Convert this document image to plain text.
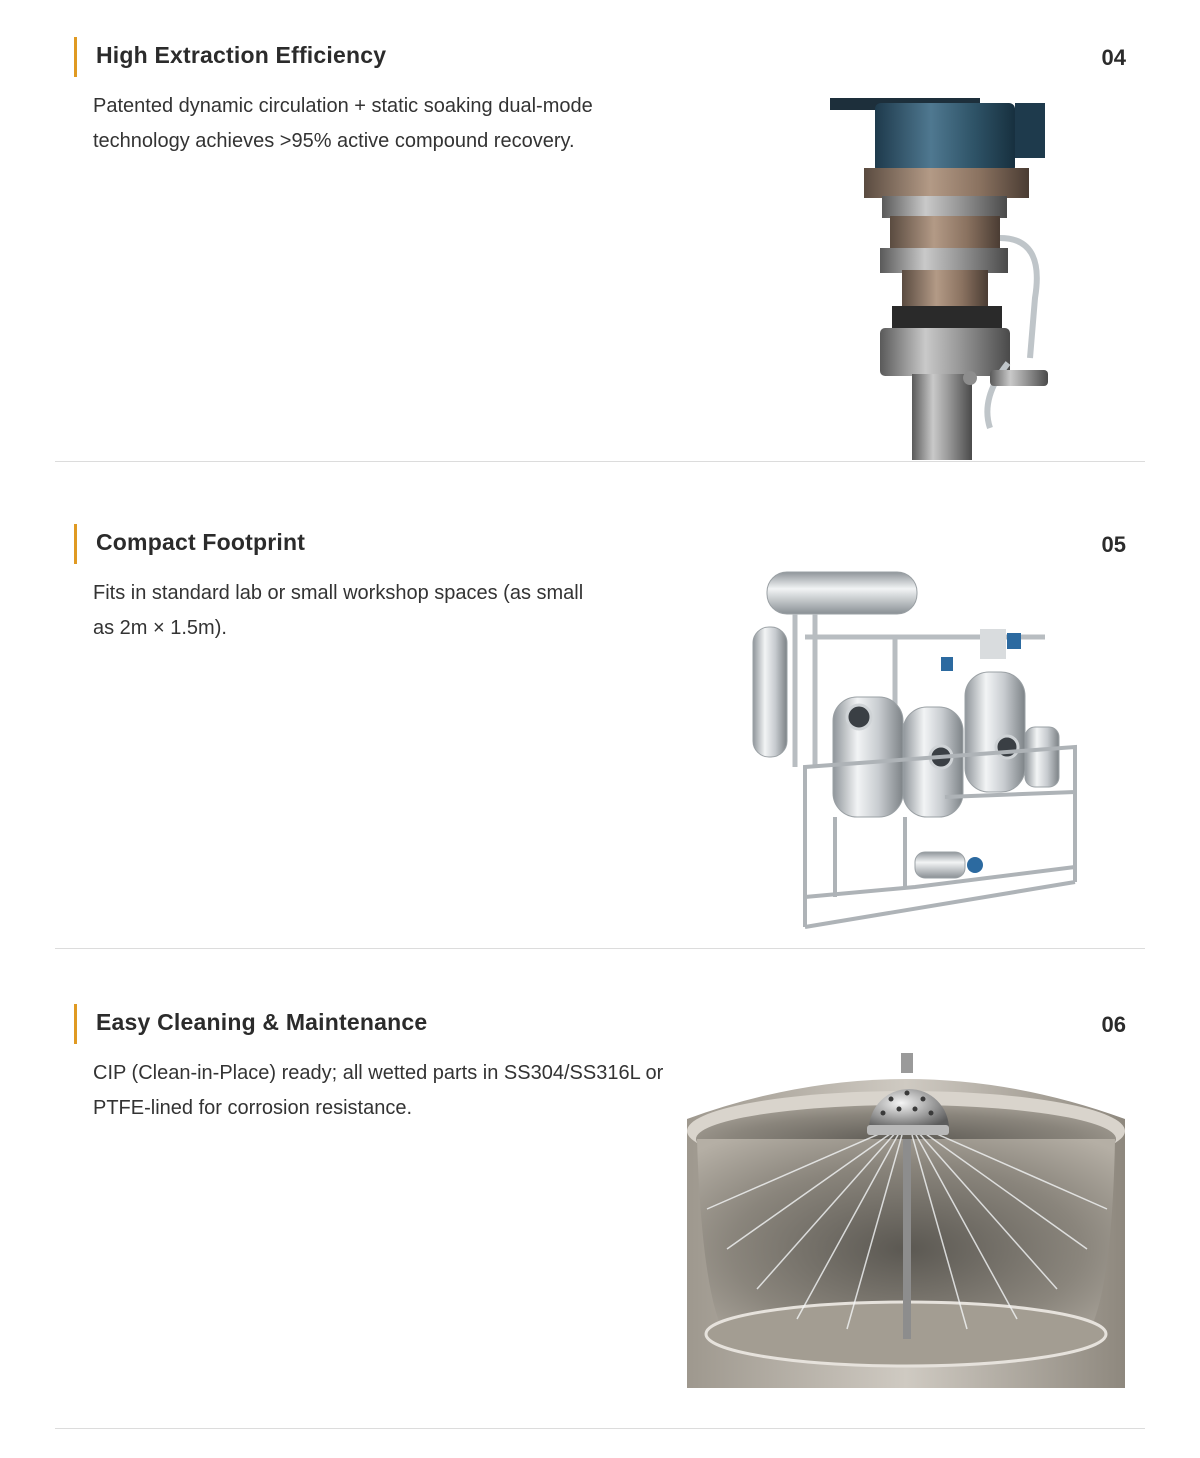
High Extraction Efficiency	04

Patented dynamic circulation + static soaking dual-mode technology achieves >95% active compound recovery.

Compact Footprint	05

Fits in standard lab or small workshop spaces (as small as 2m × 1.5m).

Easy Cleaning & Maintenance	06

CIP (Clean-in-Place) ready; all wetted parts in SS304/SS316L or PTFE-lined for corrosion resistance.
